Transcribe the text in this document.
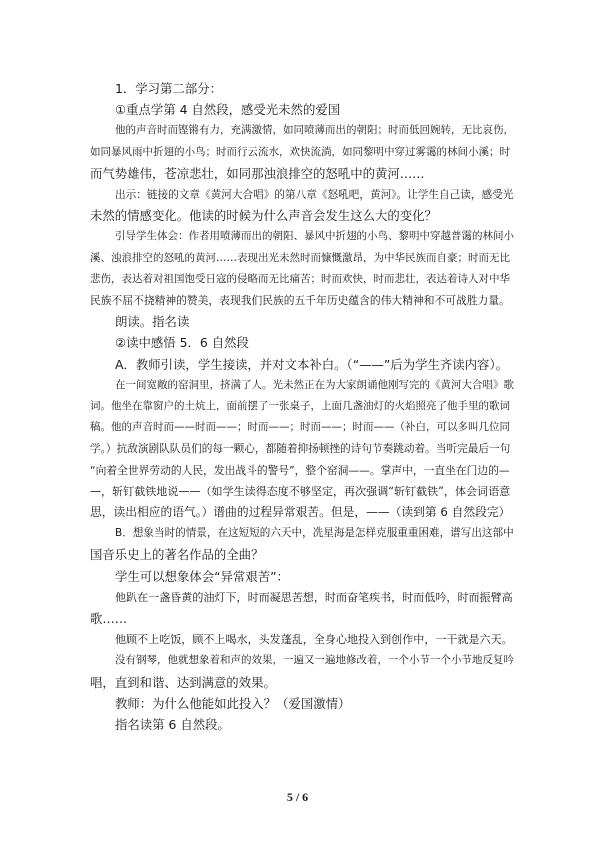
1．学习第二部分：
①重点学第 4 自然段，感受光未然的爱国
他的声音时而铿锵有力，充满激情，如同喷薄而出的朝阳；时而低回婉转，无比哀伤，
如同暴风雨中折翅的小鸟；时而行云流水，欢快流淌，如同黎明中穿过雾霭的林间小溪；时
而气势雄伟，苍凉悲壮，如同那浊浪排空的怒吼中的黄河……
出示：链接的文章《黄河大合唱》的第八章《怒吼吧，黄河》。让学生自己读，感受光
未然的情感变化。他读的时候为什么声音会发生这么大的变化？
引导学生体会：作者用喷薄而出的朝阳、暴风中折翅的小鸟、黎明中穿越普霭的林间小
溪、浊浪排空的怒吼的黄河……表现出光未然时而慷慨激昂，为中华民族而自豪；时而无比
悲伤，表达着对祖国饱受日寇的侵略而无比痛苦；时而欢快，时而悲壮，表达着诗人对中华
民族不屈不挠精神的赞美，表现我们民族的五千年历史蕴含的伟大精神和不可战胜力量。
朗读。指名读
②读中感悟 5．6 自然段
A．教师引读，学生接读，并对文本补白。（“——”后为学生齐读内容）。
在一间宽敞的窑洞里，挤满了人。光未然正在为大家朗诵他刚写完的《黄河大合唱》歌
词。他坐在靠窗户的土炕上，面前摆了一张桌子，上面几盏油灯的火焰照亮了他手里的歌词
稿。他的声音时而——时而——；时而——；时而——；时而——（补白，可以多叫几位同
学。）抗敌演剧队队员们的每一颗心，都随着抑扬顿挫的诗句节奏跳动着。当听完最后一句
“向着全世界劳动的人民，发出战斗的警号”，整个窑洞——。掌声中，一直坐在门边的—
—，斩钉截铁地说——（如学生读得态度不够坚定，再次强调“斩钉截铁”，体会词语意
思，读出相应的语气。）谱曲的过程异常艰苦。但是，——（读到第 6 自然段完）
B．想象当时的情景，在这短短的六天中，冼星海是怎样克服重重困难，谱写出这部中
国音乐史上的著名作品的全曲？
学生可以想象体会“异常艰苦”：
他趴在一盏昏黄的油灯下，时而凝思苦想，时而奋笔疾书，时而低吟，时而振臂高
歌……
他顾不上吃饭，顾不上喝水，头发蓬乱，全身心地投入到创作中，一干就是六天。
没有钢琴，他就想象着和声的效果，一遍又一遍地修改着，一个小节一个小节地反复吟
唱，直到和谐、达到满意的效果。
教师：为什么他能如此投入？（爱国激情）
指名读第 6 自然段。
5 / 6
